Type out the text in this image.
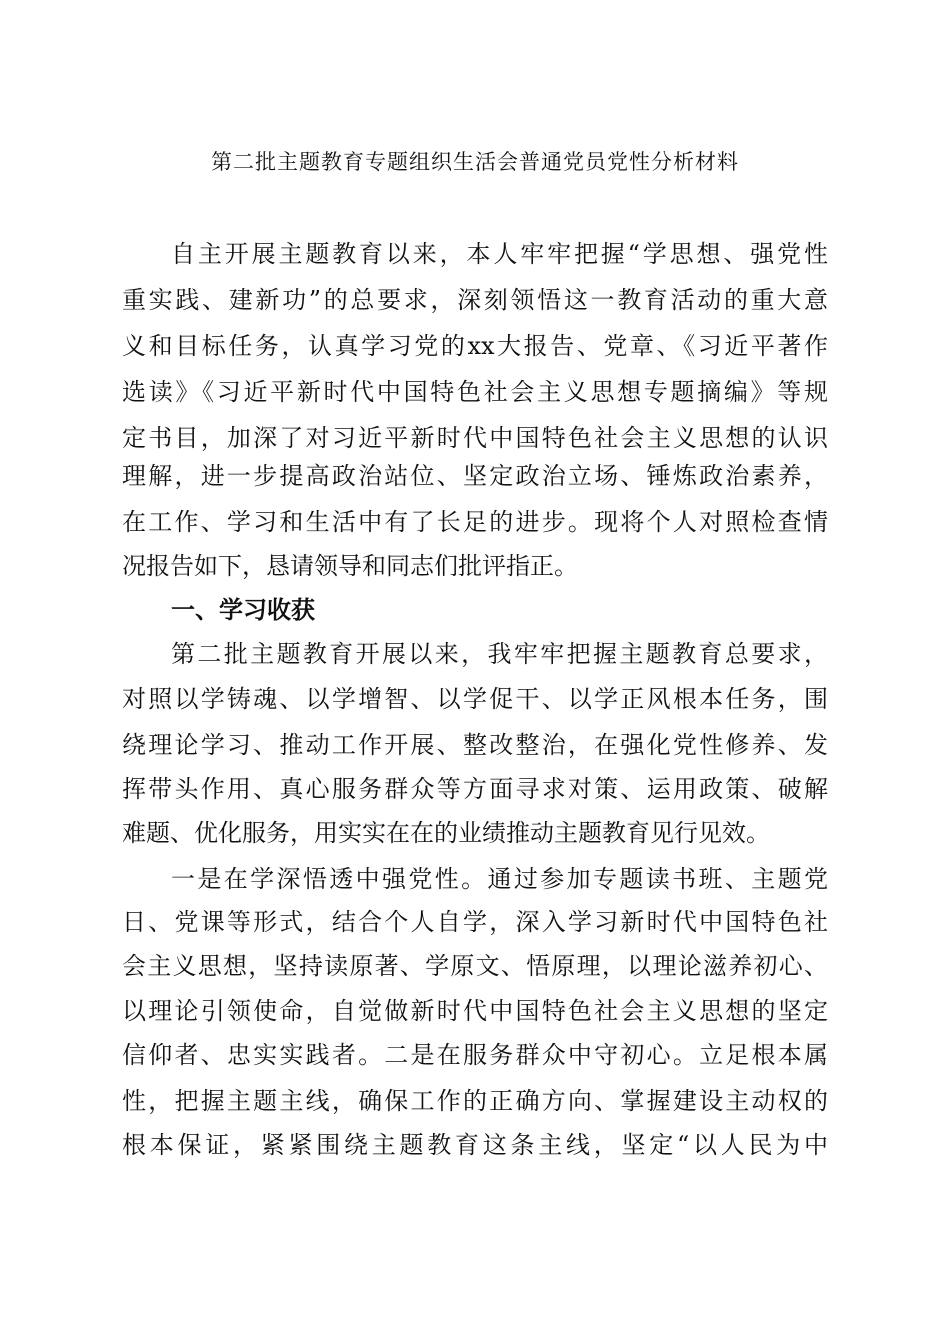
第二批主题教育专题组织生活会普通党员党性分析材料

自主开展主题教育以来，本人牢牢把握“学思想、强党性

重实践、建新功”的总要求，深刻领悟这一教育活动的重大意

义和目标任务，认真学习党的xx大报告、党章、《习近平著作

选读》《习近平新时代中国特色社会主义思想专题摘编》等规

定书目，加深了对习近平新时代中国特色社会主义思想的认识

理解，进一步提高政治站位、坚定政治立场、锤炼政治素养，

在工作、学习和生活中有了长足的进步。现将个人对照检查情

况报告如下，恳请领导和同志们批评指正。

一、学习收获

第二批主题教育开展以来，我牢牢把握主题教育总要求，

对照以学铸魂、以学增智、以学促干、以学正风根本任务，围

绕理论学习、推动工作开展、整改整治，在强化党性修养、发

挥带头作用、真心服务群众等方面寻求对策、运用政策、破解

难题、优化服务，用实实在在的业绩推动主题教育见行见效。

一是在学深悟透中强党性。通过参加专题读书班、主题党

日、党课等形式，结合个人自学，深入学习新时代中国特色社

会主义思想，坚持读原著、学原文、悟原理，以理论滋养初心、

以理论引领使命，自觉做新时代中国特色社会主义思想的坚定

信仰者、忠实实践者。二是在服务群众中守初心。立足根本属

性，把握主题主线，确保工作的正确方向、掌握建设主动权的

根本保证，紧紧围绕主题教育这条主线，坚定“以人民为中
